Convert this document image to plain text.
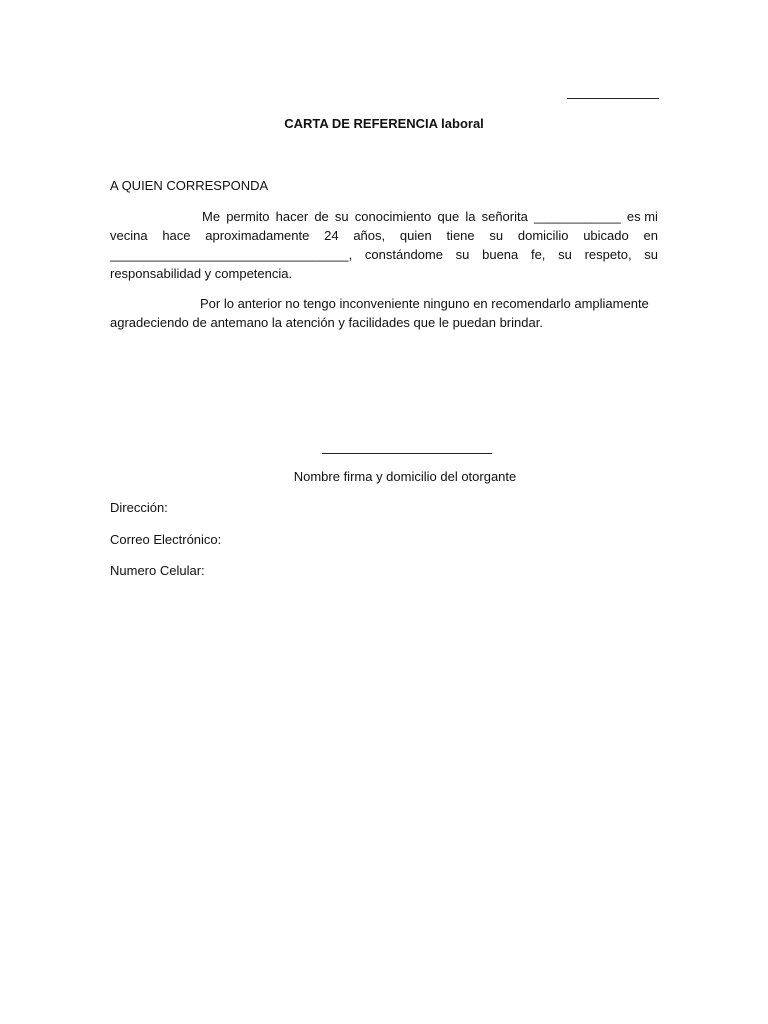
CARTA DE REFERENCIA laboral
A QUIEN CORRESPONDA
Me permito hacer de su conocimiento que la señorita ____________ es mi
vecina hace aproximadamente 24 años, quien tiene su domicilio ubicado en
_________________________________, constándome su buena fe, su respeto, su
responsabilidad y competencia.
Por lo anterior no tengo inconveniente ninguno en recomendarlo ampliamente
agradeciendo de antemano la atención y facilidades que le puedan brindar.
Nombre firma y domicilio del otorgante
Dirección:
Correo Electrónico:
Numero Celular:
